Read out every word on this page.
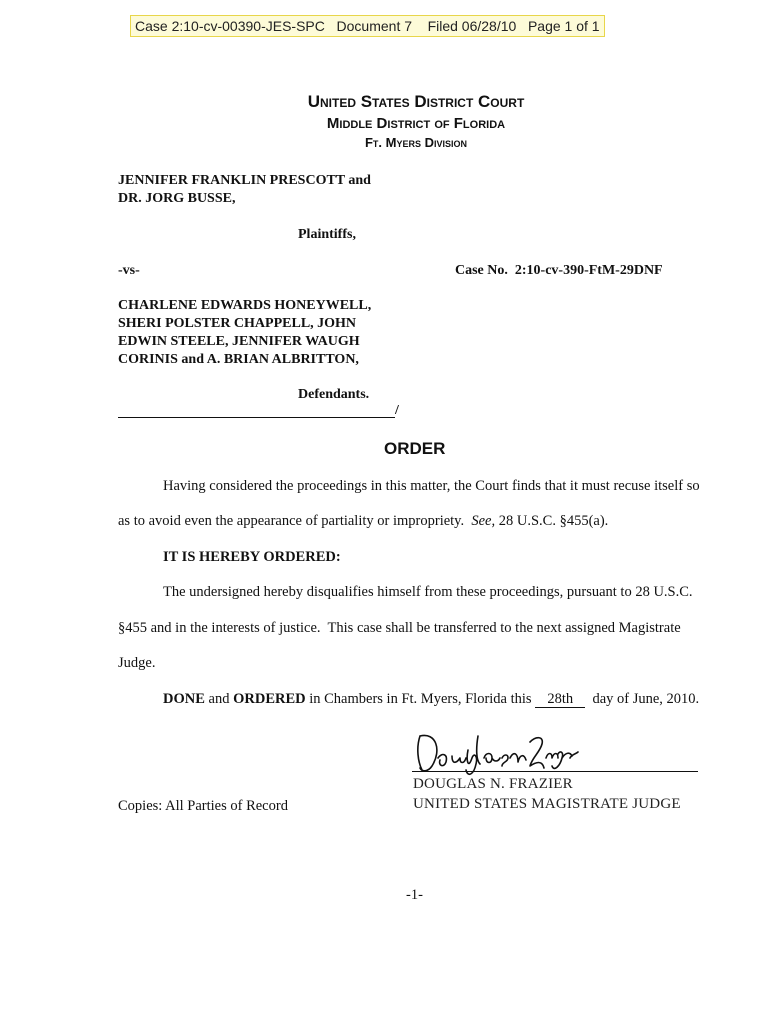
Case 2:10-cv-00390-JES-SPC   Document 7    Filed 06/28/10   Page 1 of 1
United States District Court
Middle District of Florida
Ft. Myers Division
JENNIFER FRANKLIN PRESCOTT and
DR. JORG BUSSE,
Plaintiffs,
-vs-	Case No.  2:10-cv-390-FtM-29DNF
CHARLENE EDWARDS HONEYWELL,
SHERI POLSTER CHAPPELL, JOHN
EDWIN STEELE, JENNIFER WAUGH
CORINIS and A. BRIAN ALBRITTON,
Defendants.
/
ORDER
Having considered the proceedings in this matter, the Court finds that it must recuse itself so
as to avoid even the appearance of partiality or impropriety.  See, 28 U.S.C. §455(a).
IT IS HEREBY ORDERED:
The undersigned hereby disqualifies himself from these proceedings, pursuant to 28 U.S.C.
§455 and in the interests of justice.  This case shall be transferred to the next assigned Magistrate
Judge.
DONE and ORDERED in Chambers in Ft. Myers, Florida this 28th  day of June, 2010.
DOUGLAS N. FRAZIER
UNITED STATES MAGISTRATE JUDGE
Copies: All Parties of Record
-1-
